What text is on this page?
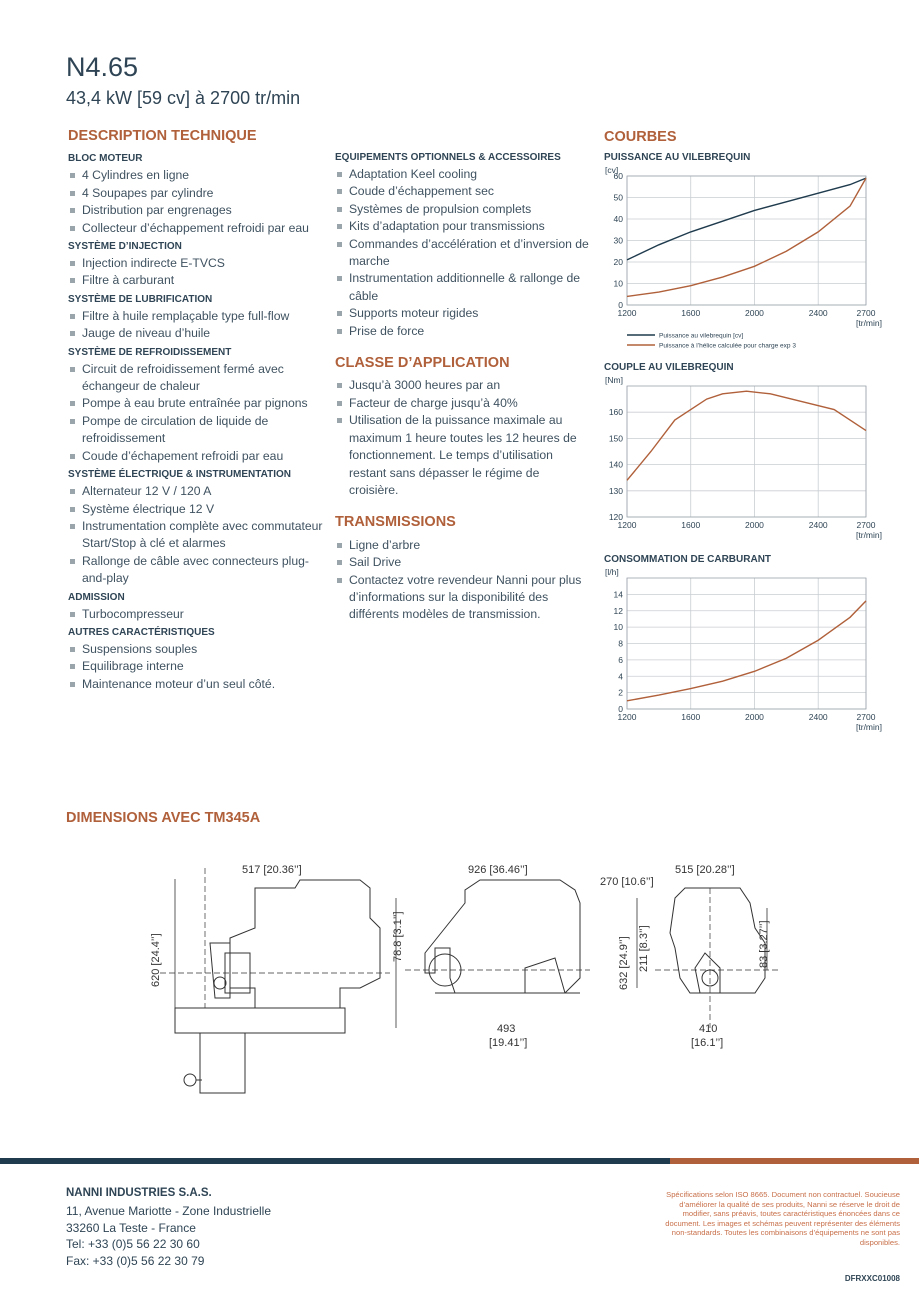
N4.65
43,4 kW [59 cv] à 2700 tr/min
DESCRIPTION TECHNIQUE
BLOC MOTEUR
4 Cylindres en ligne
4 Soupapes par cylindre
Distribution par engrenages
Collecteur d’échappement refroidi par eau
SYSTÈME D’INJECTION
Injection indirecte E-TVCS
Filtre à carburant
SYSTÈME DE LUBRIFICATION
Filtre à huile remplaçable type full-flow
Jauge de niveau d’huile
SYSTÈME DE REFROIDISSEMENT
Circuit de refroidissement fermé avec échangeur de chaleur
Pompe à eau brute entraînée par pignons
Pompe de circulation de liquide de refroidissement
Coude d’échapement refroidi par eau
SYSTÈME ÉLECTRIQUE & INSTRUMENTATION
Alternateur 12 V / 120 A
Système électrique 12 V
Instrumentation complète avec commutateur Start/Stop à clé et alarmes
Rallonge de câble avec connecteurs plug-and-play
ADMISSION
Turbocompresseur
AUTRES CARACTÉRISTIQUES
Suspensions souples
Equilibrage interne
Maintenance moteur d’un seul côté.
EQUIPEMENTS OPTIONNELS & ACCESSOIRES
Adaptation Keel cooling
Coude d’échappement sec
Systèmes de propulsion complets
Kits d’adaptation pour transmissions
Commandes d’accélération et d’inversion de marche
Instrumentation additionnelle & rallonge de câble
Supports moteur rigides
Prise de force
CLASSE D’APPLICATION
Jusqu’à 3000 heures par an
Facteur de charge jusqu’à 40%
Utilisation de la puissance maximale au maximum 1 heure toutes les 12 heures de fonctionnement. Le temps d’utilisation restant sans dépasser le régime de croisière.
TRANSMISSIONS
Ligne d’arbre
Sail Drive
Contactez votre revendeur Nanni pour plus d’informations sur la disponibilité des différents modèles de transmission.
COURBES
PUISSANCE AU VILEBREQUIN
0
10
20
30
40
50
60
1200	1600	2000	2400	2700
[cv]
[tr/min]
Puissance au vilebrequin [cv]
Puissance à l’hélice calculée pour charge exp 3
COUPLE AU VILEBREQUIN
120
130
140
150
160
1200	1600	2000	2400	2700
[Nm]
[tr/min]
CONSOMMATION DE CARBURANT
0
2
4
6
8
10
12
14
1200	1600	2000	2400	2700
[l/h]
[tr/min]
DIMENSIONS AVEC TM345A
517 [20.36’’]
620 [24.4’’]
926 [36.46’’]
78.8 [3.1’’]
493
[19.41’’]
270 [10.6’’]
515 [20.28’’]
632 [24.9’’] 211 [8.3’’]	83 [3.27’’]
410
[16.1’’]
NANNI INDUSTRIES S.A.S.
11, Avenue Mariotte - Zone Industrielle
33260 La Teste - France
Tel: +33 (0)5 56 22 30 60
Fax: +33 (0)5 56 22 30 79
Spécifications selon ISO 8665. Document non contractuel. Soucieuse d’améliorer la qualité de ses produits, Nanni se réserve le droit de modifier, sans préavis, toutes caractéristiques énoncées dans ce document. Les images et schémas peuvent représenter des éléments non-standards. Toutes les combinaisons d’équipements ne sont pas disponibles.
DFRXXC01008
